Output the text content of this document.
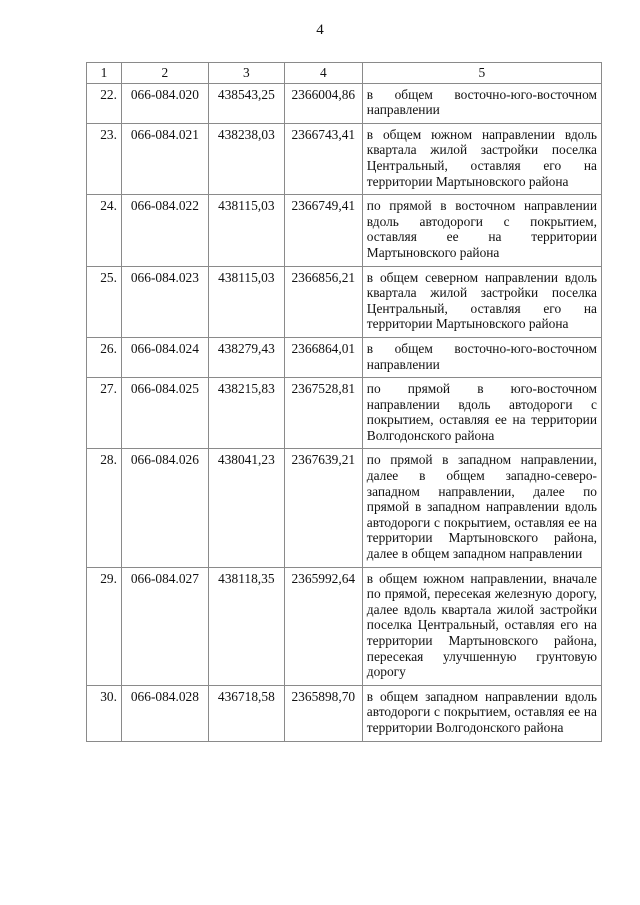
4
1	2	3	4	5
22.	066-084.020	438543,25	2366004,86	в общем восточно-юго-восточном направлении
23.	066-084.021	438238,03	2366743,41	в общем южном направлении вдоль квартала жилой застройки поселка Центральный, оставляя его на территории Мартыновского района
24.	066-084.022	438115,03	2366749,41	по прямой в восточном направлении вдоль автодороги с покрытием, оставляя ее на территории Мартыновского района
25.	066-084.023	438115,03	2366856,21	в общем северном направлении вдоль квартала жилой застройки поселка Центральный, оставляя его на территории Мартыновского района
26.	066-084.024	438279,43	2366864,01	в общем восточно-юго-восточном направлении
27.	066-084.025	438215,83	2367528,81	по прямой в юго-восточном направлении вдоль автодороги с покрытием, оставляя ее на территории Волгодонского района
28.	066-084.026	438041,23	2367639,21	по прямой в западном направлении, далее в общем западно-северо-западном направлении, далее по прямой в западном направлении вдоль автодороги с покрытием, оставляя ее на территории Мартыновского района, далее в общем западном направлении
29.	066-084.027	438118,35	2365992,64	в общем южном направлении, вначале по прямой, пересекая железную дорогу, далее вдоль квартала жилой застройки поселка Центральный, оставляя его на территории Мартыновского района, пересекая улучшенную грунтовую дорогу
30.	066-084.028	436718,58	2365898,70	в общем западном направлении вдоль автодороги с покрытием, оставляя ее на территории Волгодонского района
